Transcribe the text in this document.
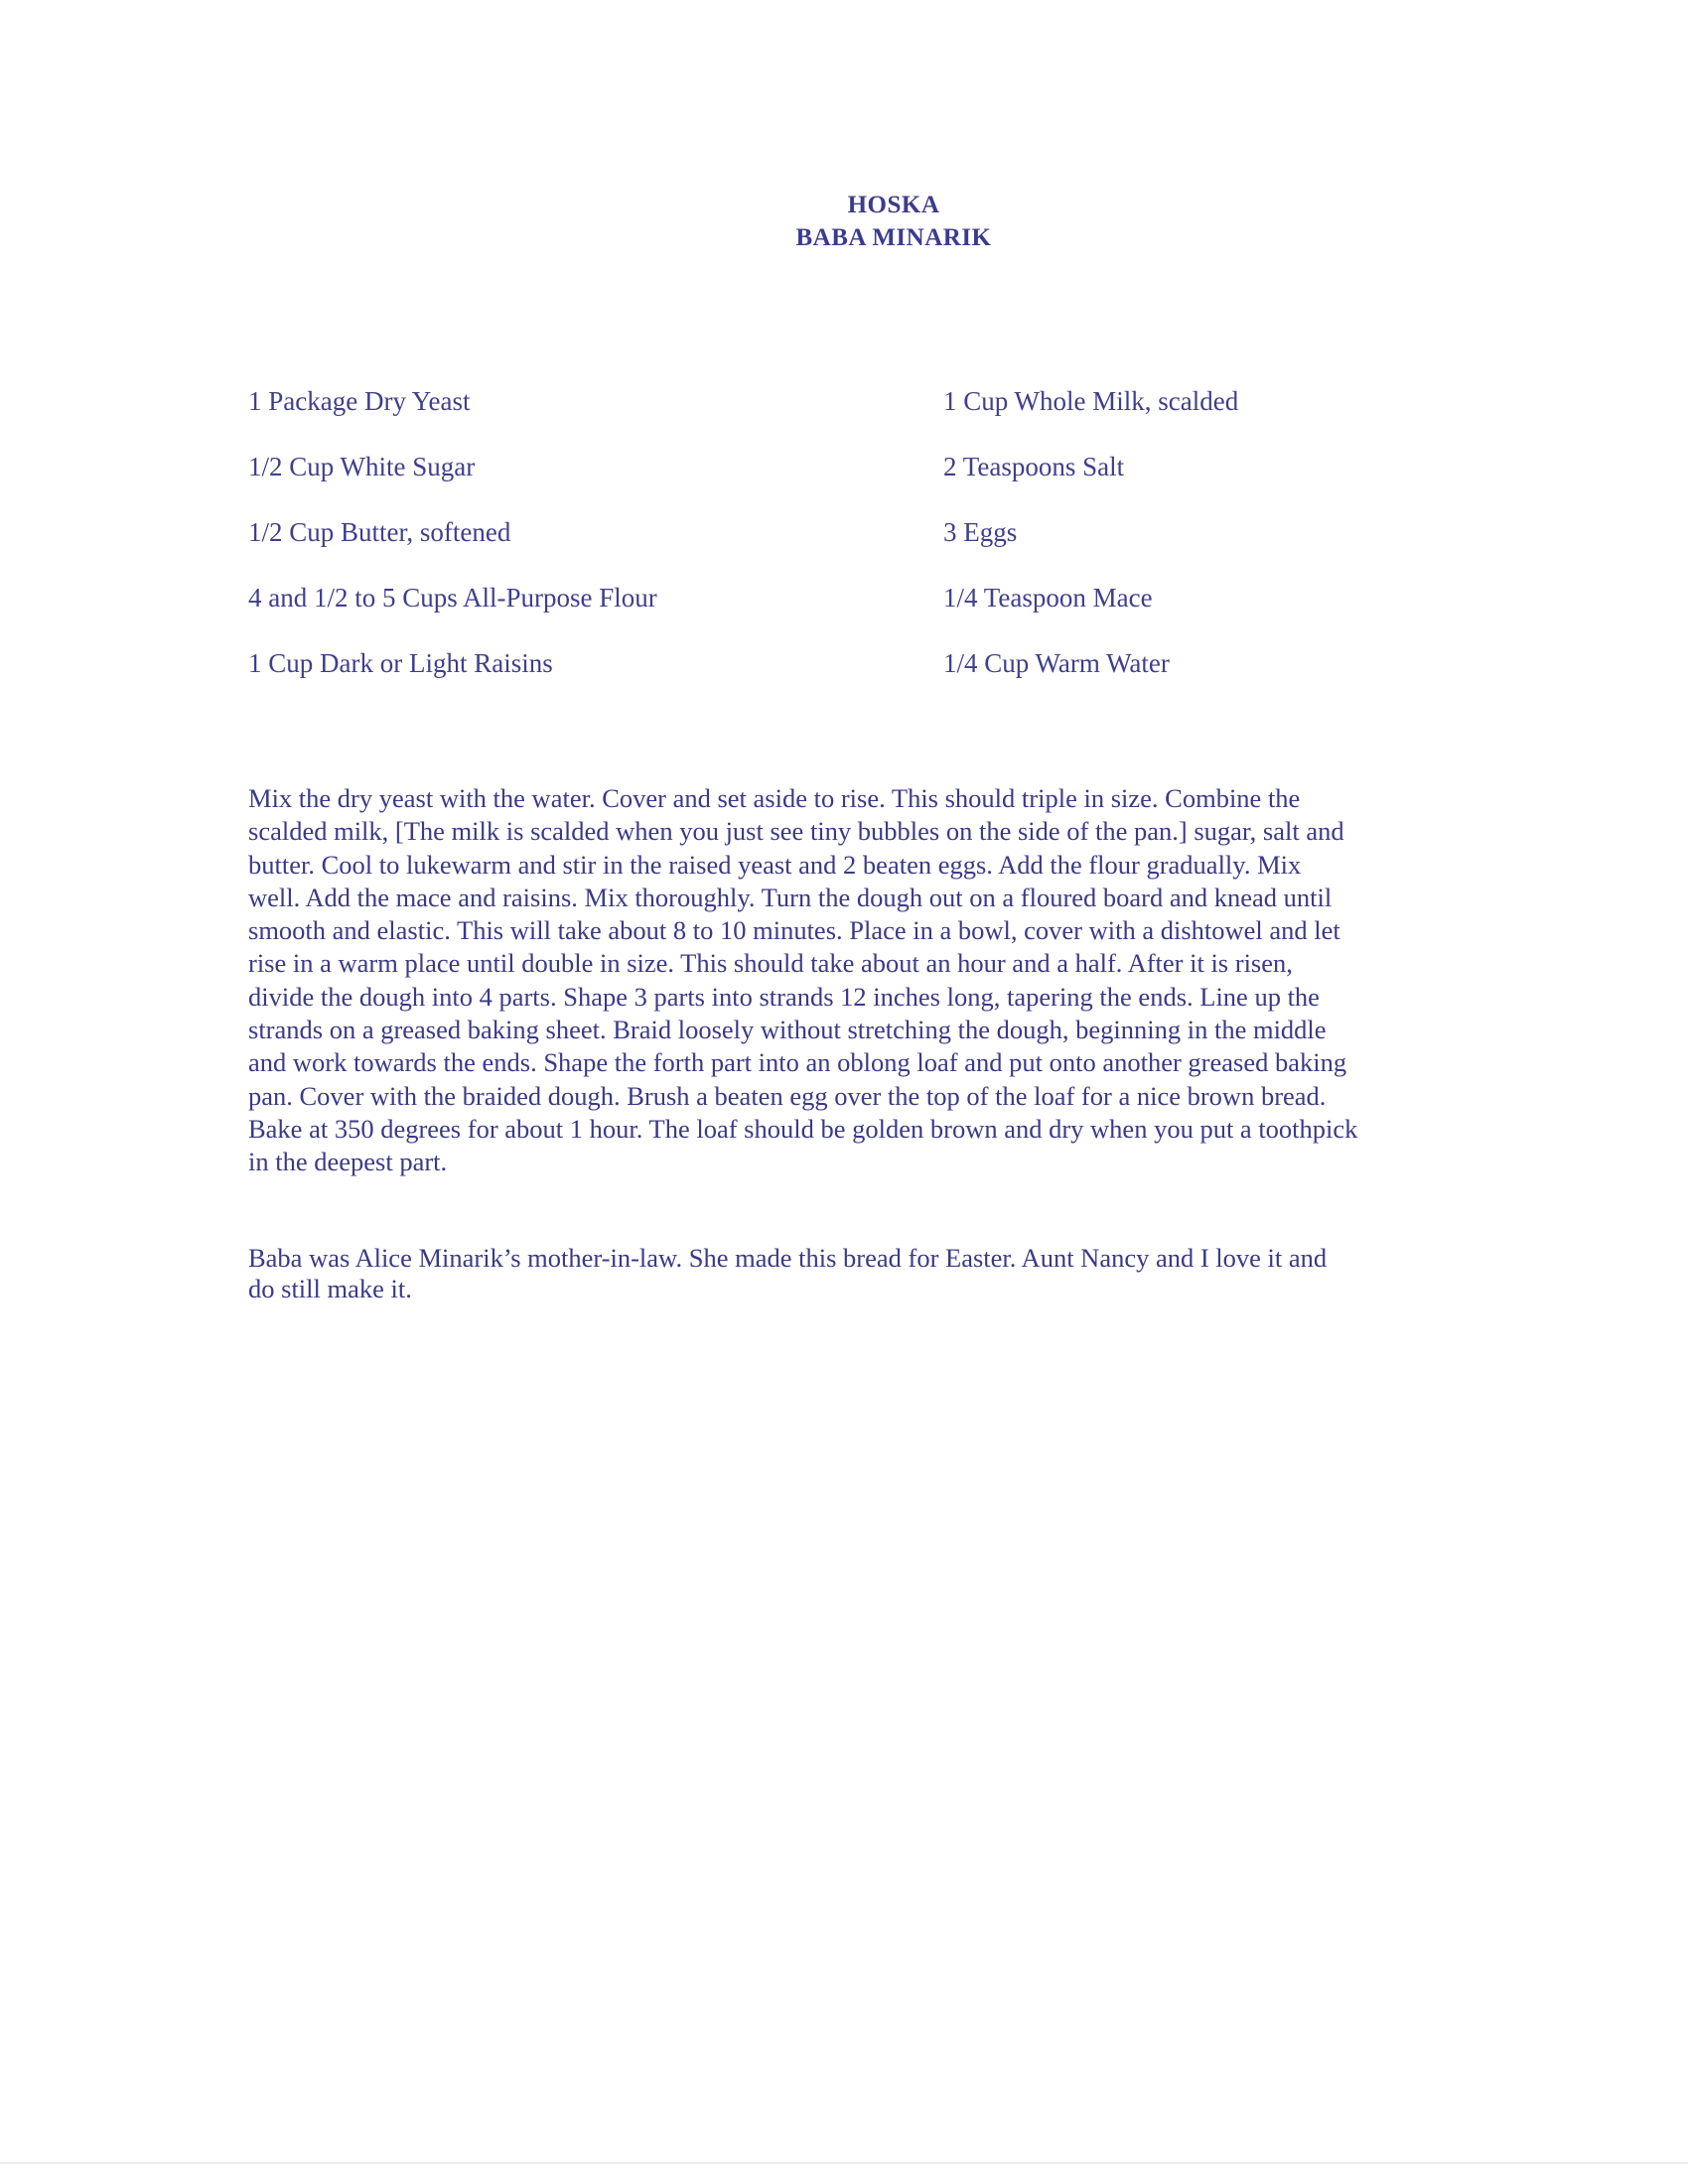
HOSKA
BABA MINARIK
1 Package Dry Yeast	1 Cup Whole Milk, scalded
1/2 Cup White Sugar	2 Teaspoons Salt
1/2 Cup Butter, softened	3 Eggs
4 and 1/2 to 5 Cups All-Purpose Flour	1/4 Teaspoon Mace
1 Cup Dark or Light Raisins	1/4 Cup Warm Water
Mix the dry yeast with the water. Cover and set aside to rise. This should triple in size. Combine the
scalded milk, [The milk is scalded when you just see tiny bubbles on the side of the pan.] sugar, salt and
butter. Cool to lukewarm and stir in the raised yeast and 2 beaten eggs. Add the flour gradually. Mix
well. Add the mace and raisins. Mix thoroughly. Turn the dough out on a floured board and knead until
smooth and elastic. This will take about 8 to 10 minutes. Place in a bowl, cover with a dishtowel and let
rise in a warm place until double in size. This should take about an hour and a half. After it is risen,
divide the dough into 4 parts. Shape 3 parts into strands 12 inches long, tapering the ends. Line up the
strands on a greased baking sheet. Braid loosely without stretching the dough, beginning in the middle
and work towards the ends. Shape the forth part into an oblong loaf and put onto another greased baking
pan. Cover with the braided dough. Brush a beaten egg over the top of the loaf for a nice brown bread.
Bake at 350 degrees for about 1 hour. The loaf should be golden brown and dry when you put a toothpick
in the deepest part.
Baba was Alice Minarik’s mother-in-law. She made this bread for Easter. Aunt Nancy and I love it and
do still make it.
